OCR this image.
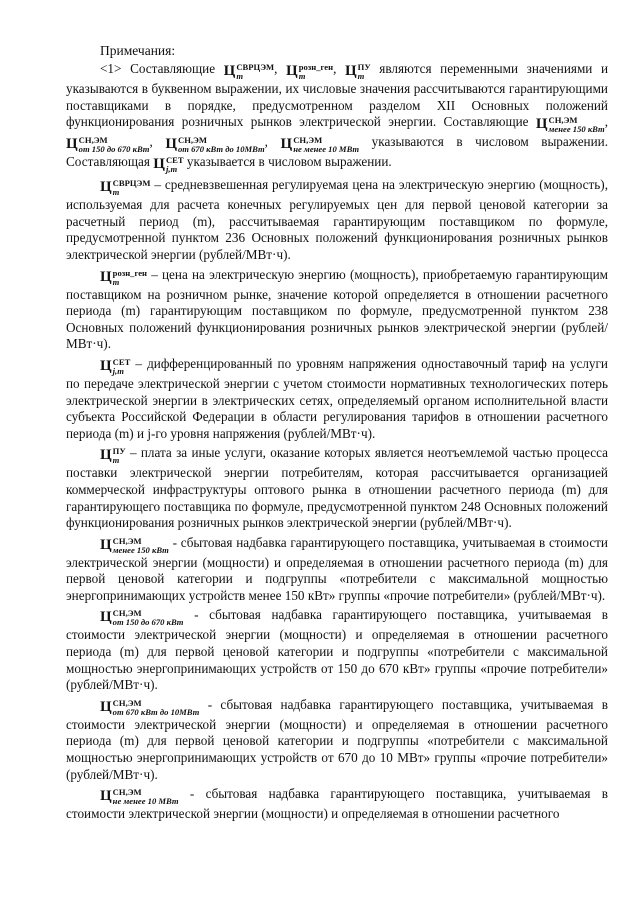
Примечания:

<1> Составляющие Ц СВРЦЭМ
m	, Ц розн_ген
m	, Ц ПУ
m являются переменными значениями и указываются в буквенном выражении, их числовые значения рассчитываются гарантирующими поставщиками в порядке, предусмотренном разделом XII Основных положений функционирования розничных рынков электрической энергии. Составляющие Ц СН,ЭМ
менее 150 кВт , Ц СН,ЭМ
от 150 до 670 кВт , Ц СН,ЭМ
от 670 кВт до 10МВт , Ц СН,ЭМ
не менее 10 МВт указываются в числовом выражении. Составляющая Ц СЕТ
j,m указывается в числовом выражении.

Ц СВРЦЭМ
m	– средневзвешенная регулируемая цена на электрическую энергию (мощность), используемая для расчета конечных регулируемых цен для первой ценовой категории за расчетный период (m), рассчитываемая гарантирующим поставщиком по формуле, предусмотренной пунктом 236 Основных положений функционирования розничных рынков электрической энергии (рублей/МВт·ч).

Ц розн_ген
m	– цена на электрическую энергию (мощность), приобретаемую гарантирующим поставщиком на розничном рынке, значение которой определяется в отношении расчетного периода (m) гарантирующим поставщиком по формуле, предусмотренной пунктом 238 Основных положений функционирования розничных рынков электрической энергии (рублей/МВт·ч).

Ц СЕТ
j,m – дифференцированный по уровням напряжения одноставочный тариф на услуги по передаче электрической энергии с учетом стоимости нормативных технологических потерь электрической энергии в электрических сетях, определяемый органом исполнительной власти субъекта Российской Федерации в области регулирования тарифов в отношении расчетного периода (m) и j-го уровня напряжения (рублей/МВт·ч).

Ц ПУ
m – плата за иные услуги, оказание которых является неотъемлемой частью процесса поставки электрической энергии потребителям, которая рассчитывается организацией коммерческой инфраструктуры оптового рынка в отношении расчетного периода (m) для гарантирующего поставщика по формуле, предусмотренной пунктом 248 Основных положений функционирования розничных рынков электрической энергии (рублей/МВт·ч).

Ц СН,ЭМ
менее 150 кВт - сбытовая надбавка гарантирующего поставщика, учитываемая в стоимости электрической энергии (мощности) и определяемая в отношении расчетного периода (m) для первой ценовой категории и подгруппы «потребители с максимальной мощностью энергопринимающих устройств менее 150 кВт» группы «прочие потребители» (рублей/МВт·ч).

Ц СН,ЭМ
от 150 до 670 кВт - сбытовая надбавка гарантирующего поставщика, учитываемая в стоимости электрической энергии (мощности) и определяемая в отношении расчетного периода (m) для первой ценовой категории и подгруппы «потребители с максимальной мощностью энергопринимающих устройств от 150 до 670 кВт» группы «прочие потребители» (рублей/МВт·ч).

Ц СН,ЭМ
от 670 кВт до 10МВт - сбытовая надбавка гарантирующего поставщика, учитываемая в стоимости электрической энергии (мощности) и определяемая в отношении расчетного периода (m) для первой ценовой категории и подгруппы «потребители с максимальной мощностью энергопринимающих устройств от 670 до 10 МВт» группы «прочие потребители» (рублей/МВт·ч).

Ц СН,ЭМ
не менее 10 МВт - сбытовая надбавка гарантирующего поставщика, учитываемая в стоимости электрической энергии (мощности) и определяемая в отношении расчетного
